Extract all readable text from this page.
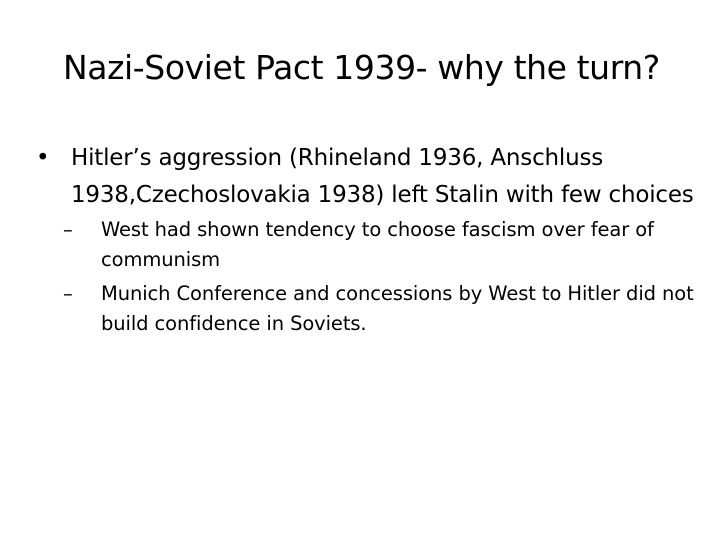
Nazi-Soviet Pact 1939- why the turn?
• Hitler’s aggression (Rhineland 1936, Anschluss 1938,Czechoslovakia 1938) left Stalin with few choices
–	West had shown tendency to choose fascism over fear of communism
–	Munich Conference and concessions by West to Hitler did not build confidence in Soviets.
